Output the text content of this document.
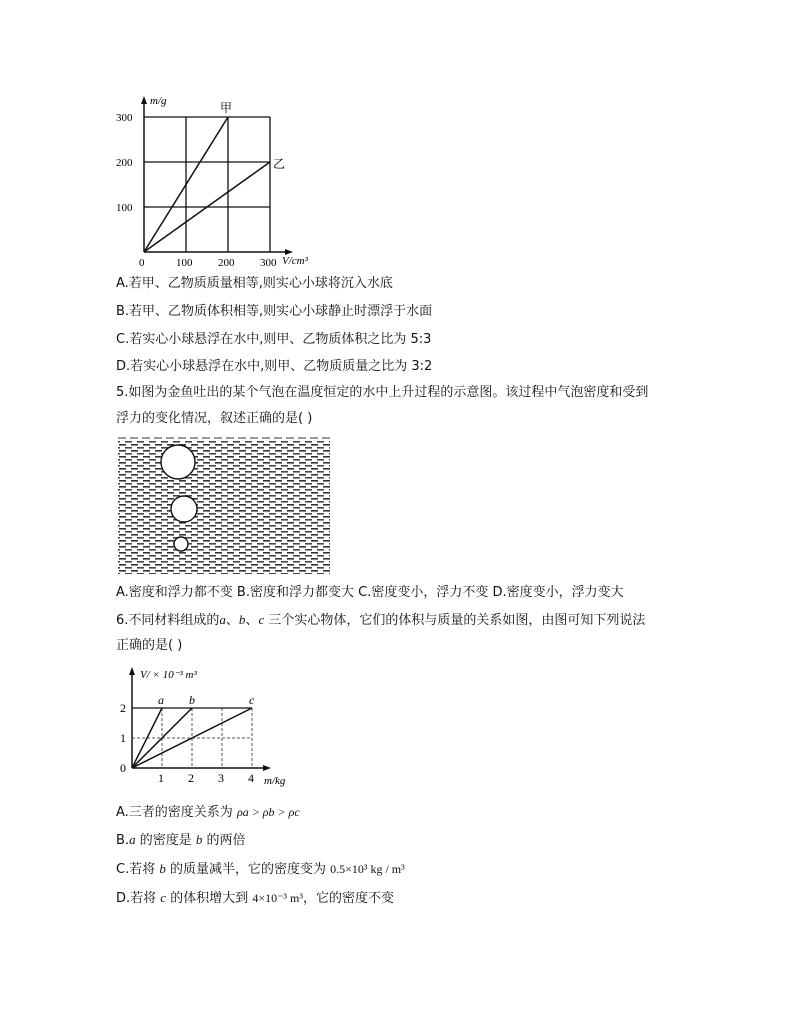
m/g
300
200
100
0	100 200 300 V/cm³
甲
乙
A.若甲、乙物质质量相等,则实心小球将沉入水底
B.若甲、乙物质体积相等,则实心小球静止时漂浮于水面
C.若实心小球悬浮在水中,则甲、乙物质体积之比为 5:3
D.若实心小球悬浮在水中,则甲、乙物质质量之比为 3:2
5.如图为金鱼吐出的某个气泡在温度恒定的水中上升过程的示意图。该过程中气泡密度和受到
浮力的变化情况，叙述正确的是( )
A.密度和浮力都不变 B.密度和浮力都变大 C.密度变小，浮力不变 D.密度变小，浮力变大
6.不同材料组成的a、b、c 三个实心物体，它们的体积与质量的关系如图，由图可知下列说法
正确的是( )
V/ × 10⁻³ m³
2
1
0
1 2 3 4 m/kg
a b	c
A.三者的密度关系为 ρa > ρb > ρc
B.a 的密度是 b 的两倍
C.若将 b 的质量减半，它的密度变为 0.5×10³ kg / m³
D.若将 c 的体积增大到 4×10⁻³ m³，它的密度不变
